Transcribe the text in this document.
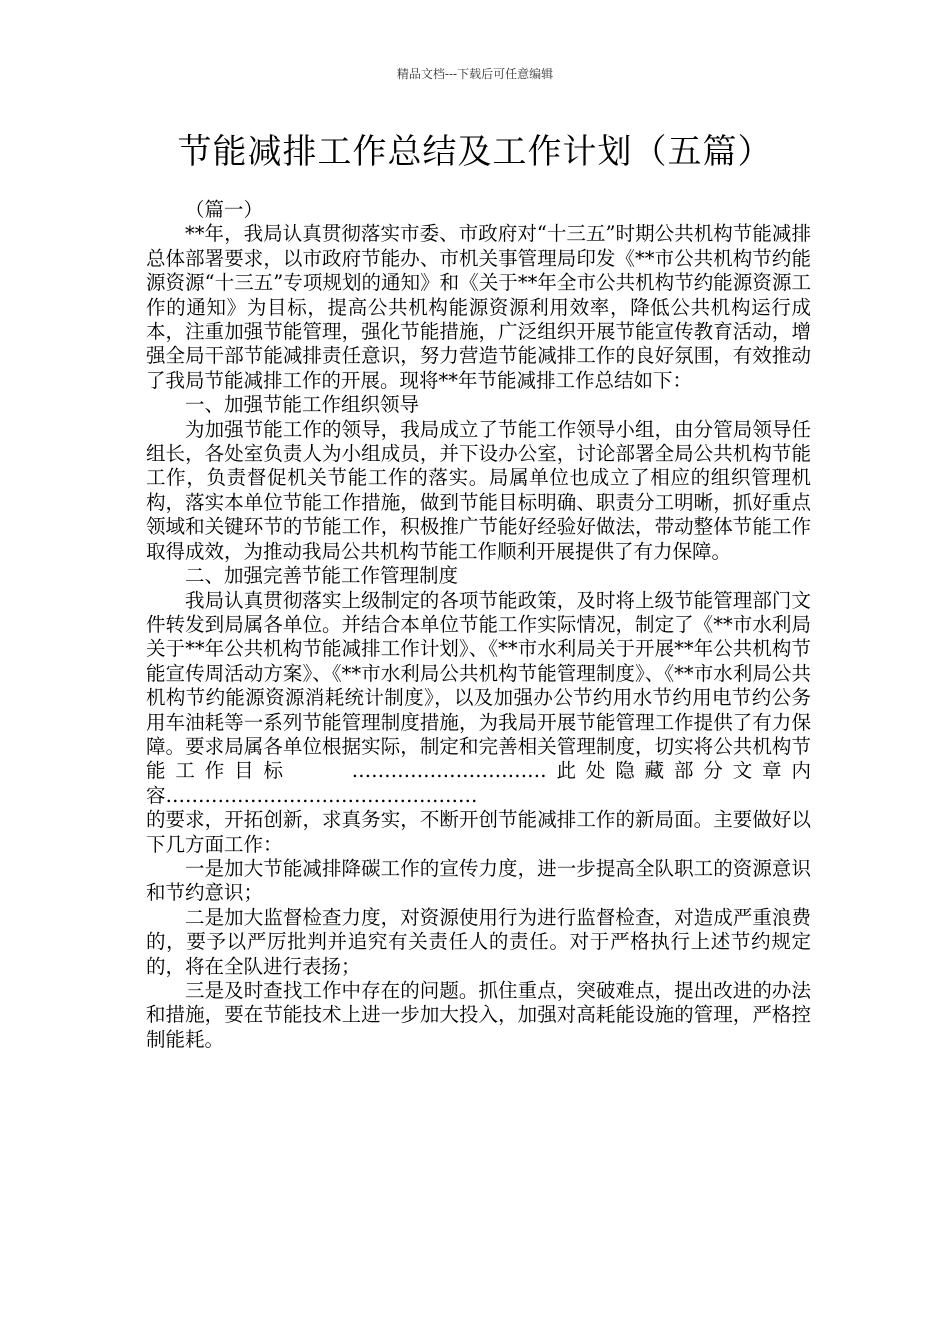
精品文档---下载后可任意编辑
节能减排工作总结及工作计划（五篇）

（篇一）

**年，我局认真贯彻落实市委、市政府对“十三五”时期公共机构节能减排总体部署要求，以市政府节能办、市机关事管理局印发《**市公共机构节约能源资源“十三五”专项规划的通知》和《关于**年全市公共机构节约能源资源工作的通知》为目标，提高公共机构能源资源利用效率，降低公共机构运行成本，注重加强节能管理，强化节能措施，广泛组织开展节能宣传教育活动，增强全局干部节能减排责任意识，努力营造节能减排工作的良好氛围，有效推动了我局节能减排工作的开展。现将**年节能减排工作总结如下：

一、加强节能工作组织领导

为加强节能工作的领导，我局成立了节能工作领导小组，由分管局领导任组长，各处室负责人为小组成员，并下设办公室，讨论部署全局公共机构节能工作，负责督促机关节能工作的落实。局属单位也成立了相应的组织管理机构，落实本单位节能工作措施，做到节能目标明确、职责分工明晰，抓好重点领域和关键环节的节能工作，积极推广节能好经验好做法，带动整体节能工作取得成效，为推动我局公共机构节能工作顺利开展提供了有力保障。

二、加强完善节能工作管理制度

我局认真贯彻落实上级制定的各项节能政策，及时将上级节能管理部门文件转发到局属各单位。并结合本单位节能工作实际情况，制定了《**市水利局关于**年公共机构节能减排工作计划》、《**市水利局关于开展**年公共机构节能宣传周活动方案》、《**市水利局公共机构节能管理制度》、《**市水利局公共机构节约能源资源消耗统计制度》，以及加强办公节约用水节约用电节约公务用车油耗等一系列节能管理制度措施，为我局开展节能管理工作提供了有力保障。要求局属各单位根据实际，制定和完善相关管理制度，切实将公共机构节能工作目标　　…………………………此处隐藏部分文章内容…………………………………………

的要求，开拓创新，求真务实，不断开创节能减排工作的新局面。主要做好以下几方面工作：

一是加大节能减排降碳工作的宣传力度，进一步提高全队职工的资源意识和节约意识；

二是加大监督检查力度，对资源使用行为进行监督检查，对造成严重浪费的，要予以严厉批判并追究有关责任人的责任。对于严格执行上述节约规定的，将在全队进行表扬；

三是及时查找工作中存在的问题。抓住重点，突破难点，提出改进的办法和措施，要在节能技术上进一步加大投入，加强对高耗能设施的管理，严格控制能耗。
